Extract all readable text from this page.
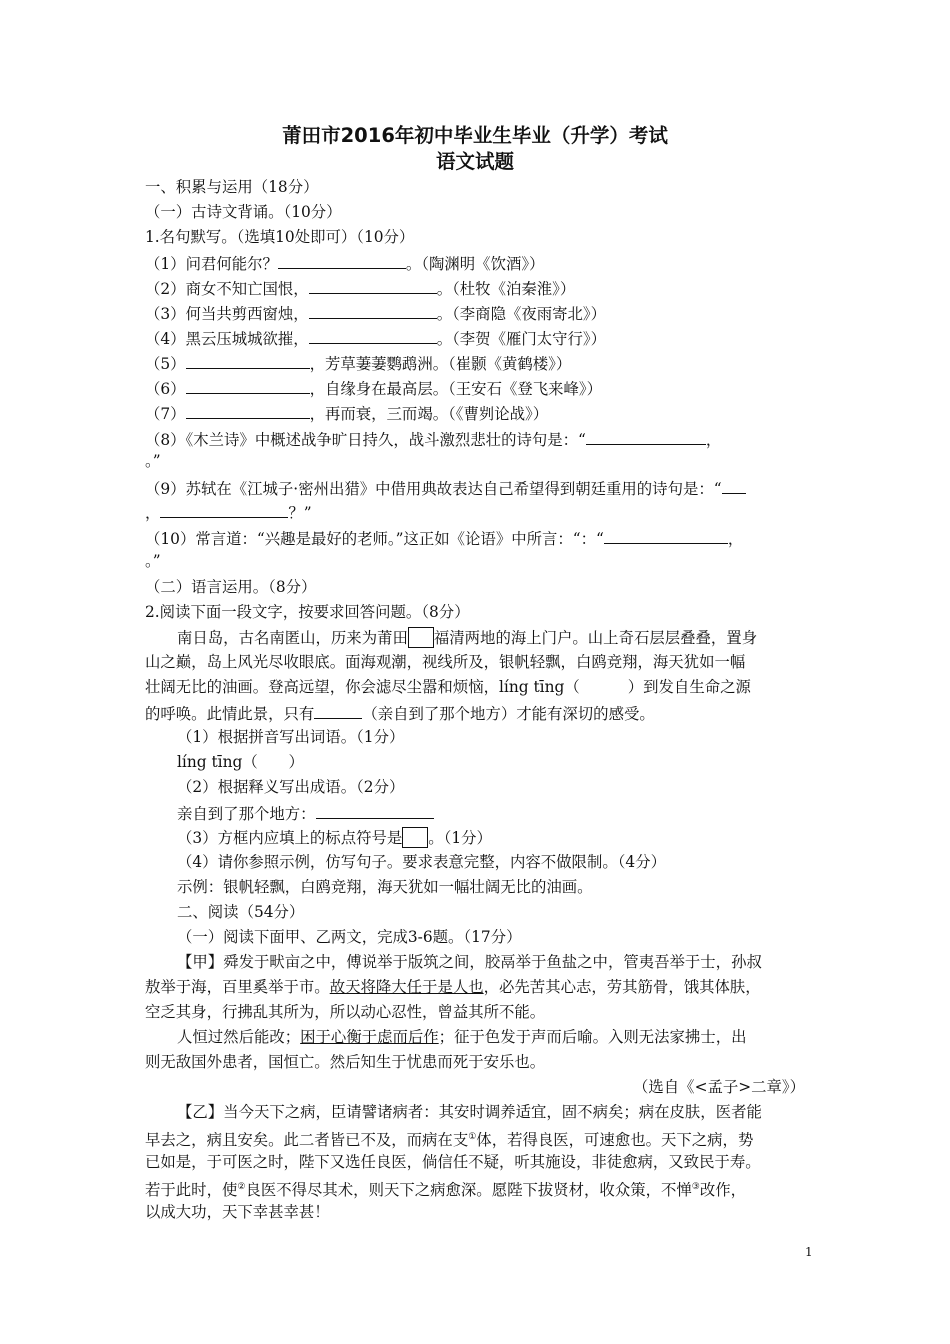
莆田市2016年初中毕业生毕业（升学）考试
语文试题
一、积累与运用（18分）
（一）古诗文背诵。（10分）
1.名句默写。（选填10处即可）（10分）
（1）问君何能尔？	。（陶渊明《饮酒》）
（2）商女不知亡国恨，	。（杜牧《泊秦淮》）
（3）何当共剪西窗烛，	。（李商隐《夜雨寄北》）
（4）黑云压城城欲摧，	。（李贺《雁门太守行》）
（5）	，芳草萋萋鹦鹉洲。（崔颢《黄鹤楼》）
（6）	，自缘身在最高层。（王安石《登飞来峰》）
（7）	，再而衰，三而竭。（《曹刿论战》）
（8）《木兰诗》中概述战争旷日持久，战斗激烈悲壮的诗句是：“	，
。”
（9）苏轼在《江城子·密州出猎》中借用典故表达自己希望得到朝廷重用的诗句是：“
，	？”
（10）常言道：“兴趣是最好的老师。”这正如《论语》中所言：“：“	，
。”
（二）语言运用。（8分）
2.阅读下面一段文字，按要求回答问题。（8分）
南日岛，古名南匿山，历来为莆田 福清两地的海上门户。山上奇石层层叠叠，置身
山之巅，岛上风光尽收眼底。面海观潮，视线所及，银帆轻飘，白鸥竞翔，海天犹如一幅
壮阔无比的油画。登高远望，你会滤尽尘嚣和烦恼，líng tīng（	）到发自生命之源
的呼唤。此情此景，只有	（亲自到了那个地方）才能有深切的感受。
（1）根据拼音写出词语。（1分）
líng tīng（　　）
（2）根据释义写出成语。（2分）
亲自到了那个地方：
（3）方框内应填上的标点符号是 。（1分）
（4）请你参照示例，仿写句子。要求表意完整，内容不做限制。（4分）
示例：银帆轻飘，白鸥竞翔，海天犹如一幅壮阔无比的油画。
二、阅读（54分）
（一）阅读下面甲、乙两文，完成3-6题。（17分）
【甲】舜发于畎亩之中，傅说举于版筑之间，胶鬲举于鱼盐之中，管夷吾举于士，孙叔
敖举于海，百里奚举于市。故天将降大任于是人也，必先苦其心志，劳其筋骨，饿其体肤，
空乏其身，行拂乱其所为，所以动心忍性，曾益其所不能。
人恒过然后能改；困于心衡于虑而后作；征于色发于声而后喻。入则无法家拂士，出
则无敌国外患者，国恒亡。然后知生于忧患而死于安乐也。
（选自《<孟子>二章》）
【乙】当今天下之病，臣请譬诸病者：其安时调养适宜，固不病矣；病在皮肤，医者能
早去之，病且安矣。此二者皆已不及，而病在支①体，若得良医，可速愈也。天下之病，势
已如是，于可医之时，陛下又选任良医，倘信任不疑，听其施设，非徒愈病，又致民于寿。
若于此时，使②良医不得尽其术，则天下之病愈深。愿陛下拔贤材，收众策，不惮③改作，
以成大功，天下幸甚幸甚！
1
